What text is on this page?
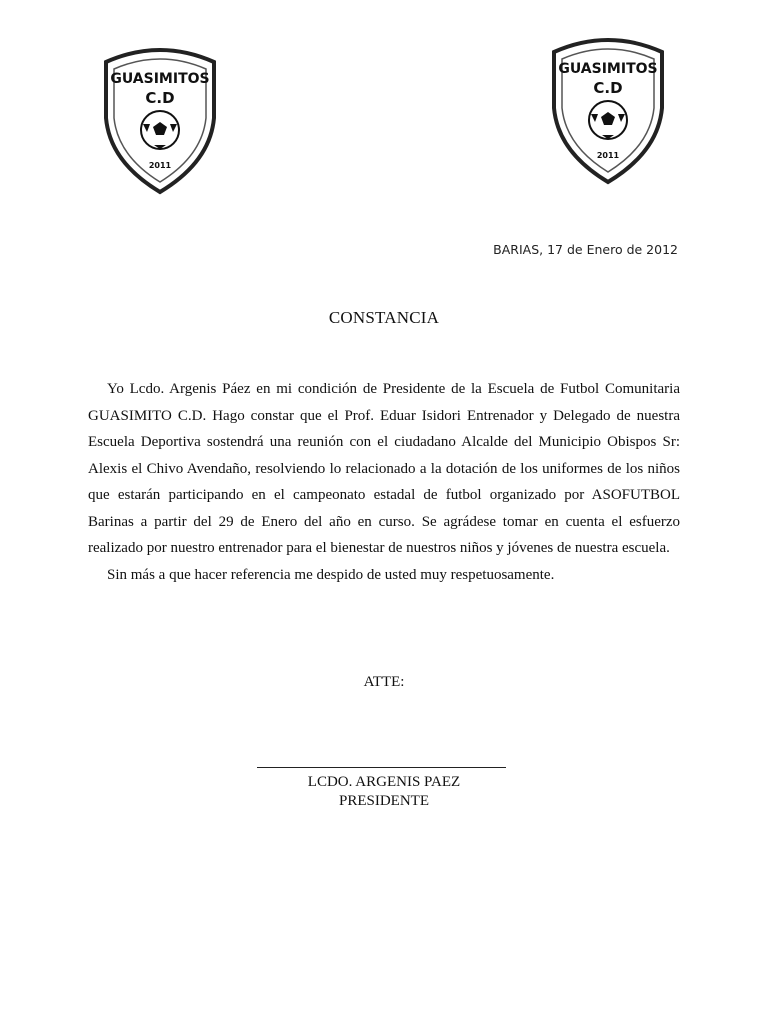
GUASIMITOS
C.D
2011
GUASIMITOS
C.D
2011
BARIAS, 17 de Enero de 2012
CONSTANCIA

Yo Lcdo. Argenis Páez en mi condición de Presidente de la Escuela de Futbol Comunitaria GUASIMITO C.D. Hago constar que el Prof. Eduar Isidori Entrenador y Delegado de nuestra Escuela Deportiva sostendrá una reunión con el ciudadano Alcalde del Municipio Obispos Sr: Alexis el Chivo Avendaño, resolviendo lo relacionado a la dotación de los uniformes de los niños que estarán participando en el campeonato estadal de futbol organizado por ASOFUTBOL Barinas a partir del 29 de Enero del año en curso. Se agrádese tomar en cuenta el esfuerzo realizado por nuestro entrenador para el bienestar de nuestros niños y jóvenes de nuestra escuela.

Sin más a que hacer referencia me despido de usted muy respetuosamente.

ATTE:
LCDO. ARGENIS PAEZ
PRESIDENTE
